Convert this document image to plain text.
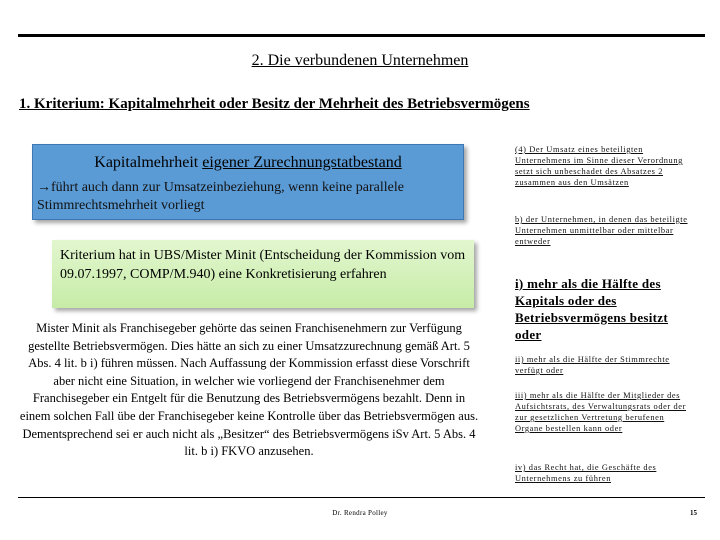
2. Die verbundenen Unternehmen
1. Kriterium: Kapitalmehrheit oder Besitz der Mehrheit des Betriebsvermögens
Kapitalmehrheit eigener Zurechnungstatbestand
→führt auch dann zur Umsatzeinbeziehung, wenn keine parallele Stimmrechtsmehrheit vorliegt
Kriterium hat in UBS/Mister Minit (Entscheidung der Kommission vom 09.07.1997, COMP/M.940) eine Konkretisierung erfahren
Mister Minit als Franchisegeber gehörte das seinen Franchisenehmern zur Verfügung gestellte Betriebsvermögen. Dies hätte an sich zu einer Umsatzzurechnung gemäß Art. 5 Abs. 4 lit. b i) führen müssen. Nach Auffassung der Kommission erfasst diese Vorschrift aber nicht eine Situation, in welcher wie vorliegend der Franchisenehmer dem Franchisegeber ein Entgelt für die Benutzung des Betriebsvermögens bezahlt. Denn in einem solchen Fall übe der Franchisegeber keine Kontrolle über das Betriebsvermögen aus. Dementsprechend sei er auch nicht als „Besitzer“ des Betriebsvermögens iSv Art. 5 Abs. 4 lit. b i) FKVO anzusehen.
(4) Der Umsatz eines beteiligten Unternehmens im Sinne dieser Verordnung setzt sich unbeschadet des Absatzes 2 zusammen aus den Umsätzen
b) der Unternehmen, in denen das beteiligte Unternehmen unmittelbar oder mittelbar entweder
i) mehr als die Hälfte des Kapitals oder des Betriebsvermögens besitzt oder
ii) mehr als die Hälfte der Stimmrechte verfügt oder
iii) mehr als die Hälfte der Mitglieder des Aufsichtsrats, des Verwaltungsrats oder der zur gesetzlichen Vertretung berufenen Organe bestellen kann oder
iv) das Recht hat, die Geschäfte des Unternehmens zu führen
Dr. Rendra Polley	15
